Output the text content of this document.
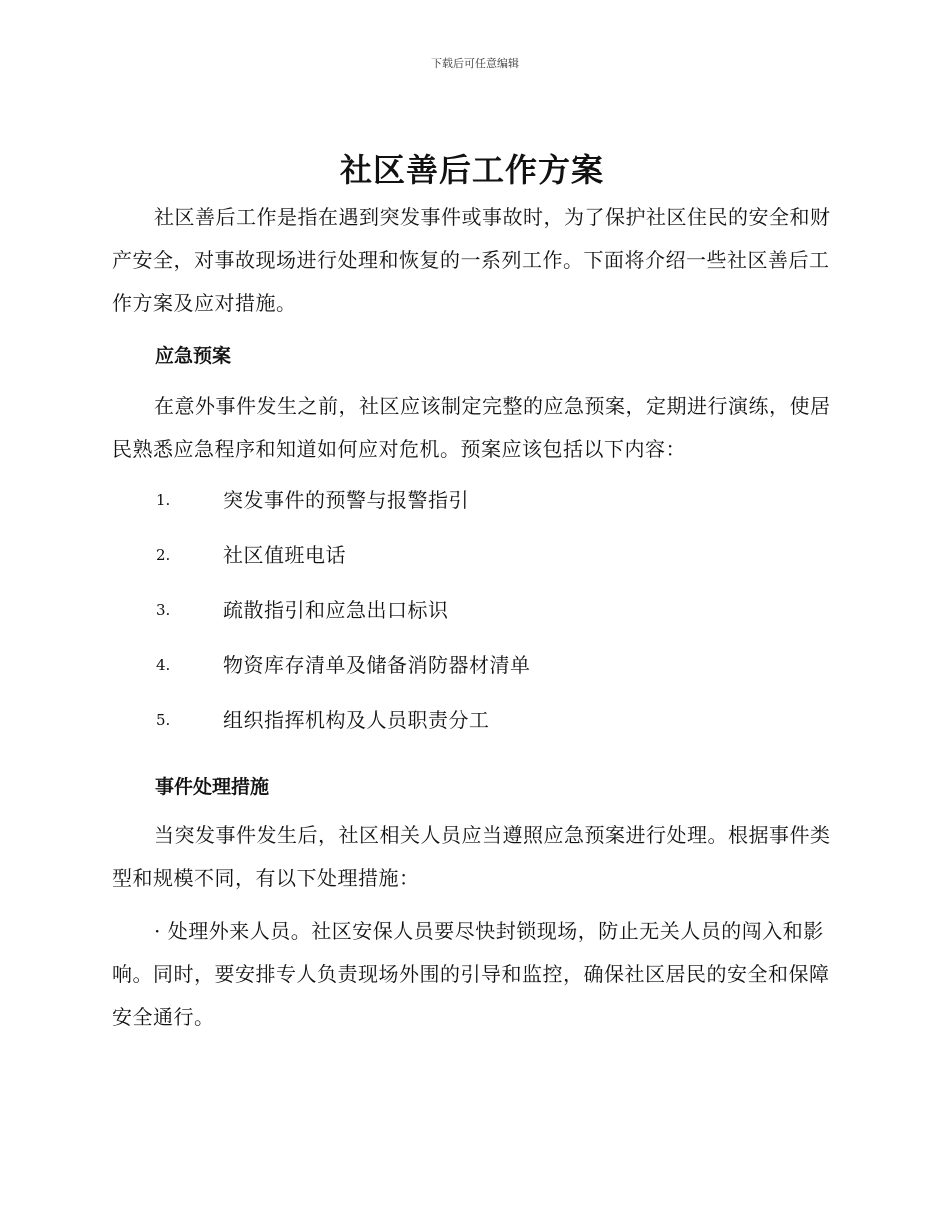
下载后可任意编辑
社区善后工作方案

社区善后工作是指在遇到突发事件或事故时，为了保护社区住民的安全和财产安全，对事故现场进行处理和恢复的一系列工作。下面将介绍一些社区善后工作方案及应对措施。

应急预案

在意外事件发生之前，社区应该制定完整的应急预案，定期进行演练，使居民熟悉应急程序和知道如何应对危机。预案应该包括以下内容：

1.	突发事件的预警与报警指引
2.	社区值班电话
3.	疏散指引和应急出口标识
4.	物资库存清单及储备消防器材清单
5.	组织指挥机构及人员职责分工
事件处理措施

当突发事件发生后，社区相关人员应当遵照应急预案进行处理。根据事件类型和规模不同，有以下处理措施：

· 处理外来人员。社区安保人员要尽快封锁现场，防止无关人员的闯入和影响。同时，要安排专人负责现场外围的引导和监控，确保社区居民的安全和保障安全通行。
